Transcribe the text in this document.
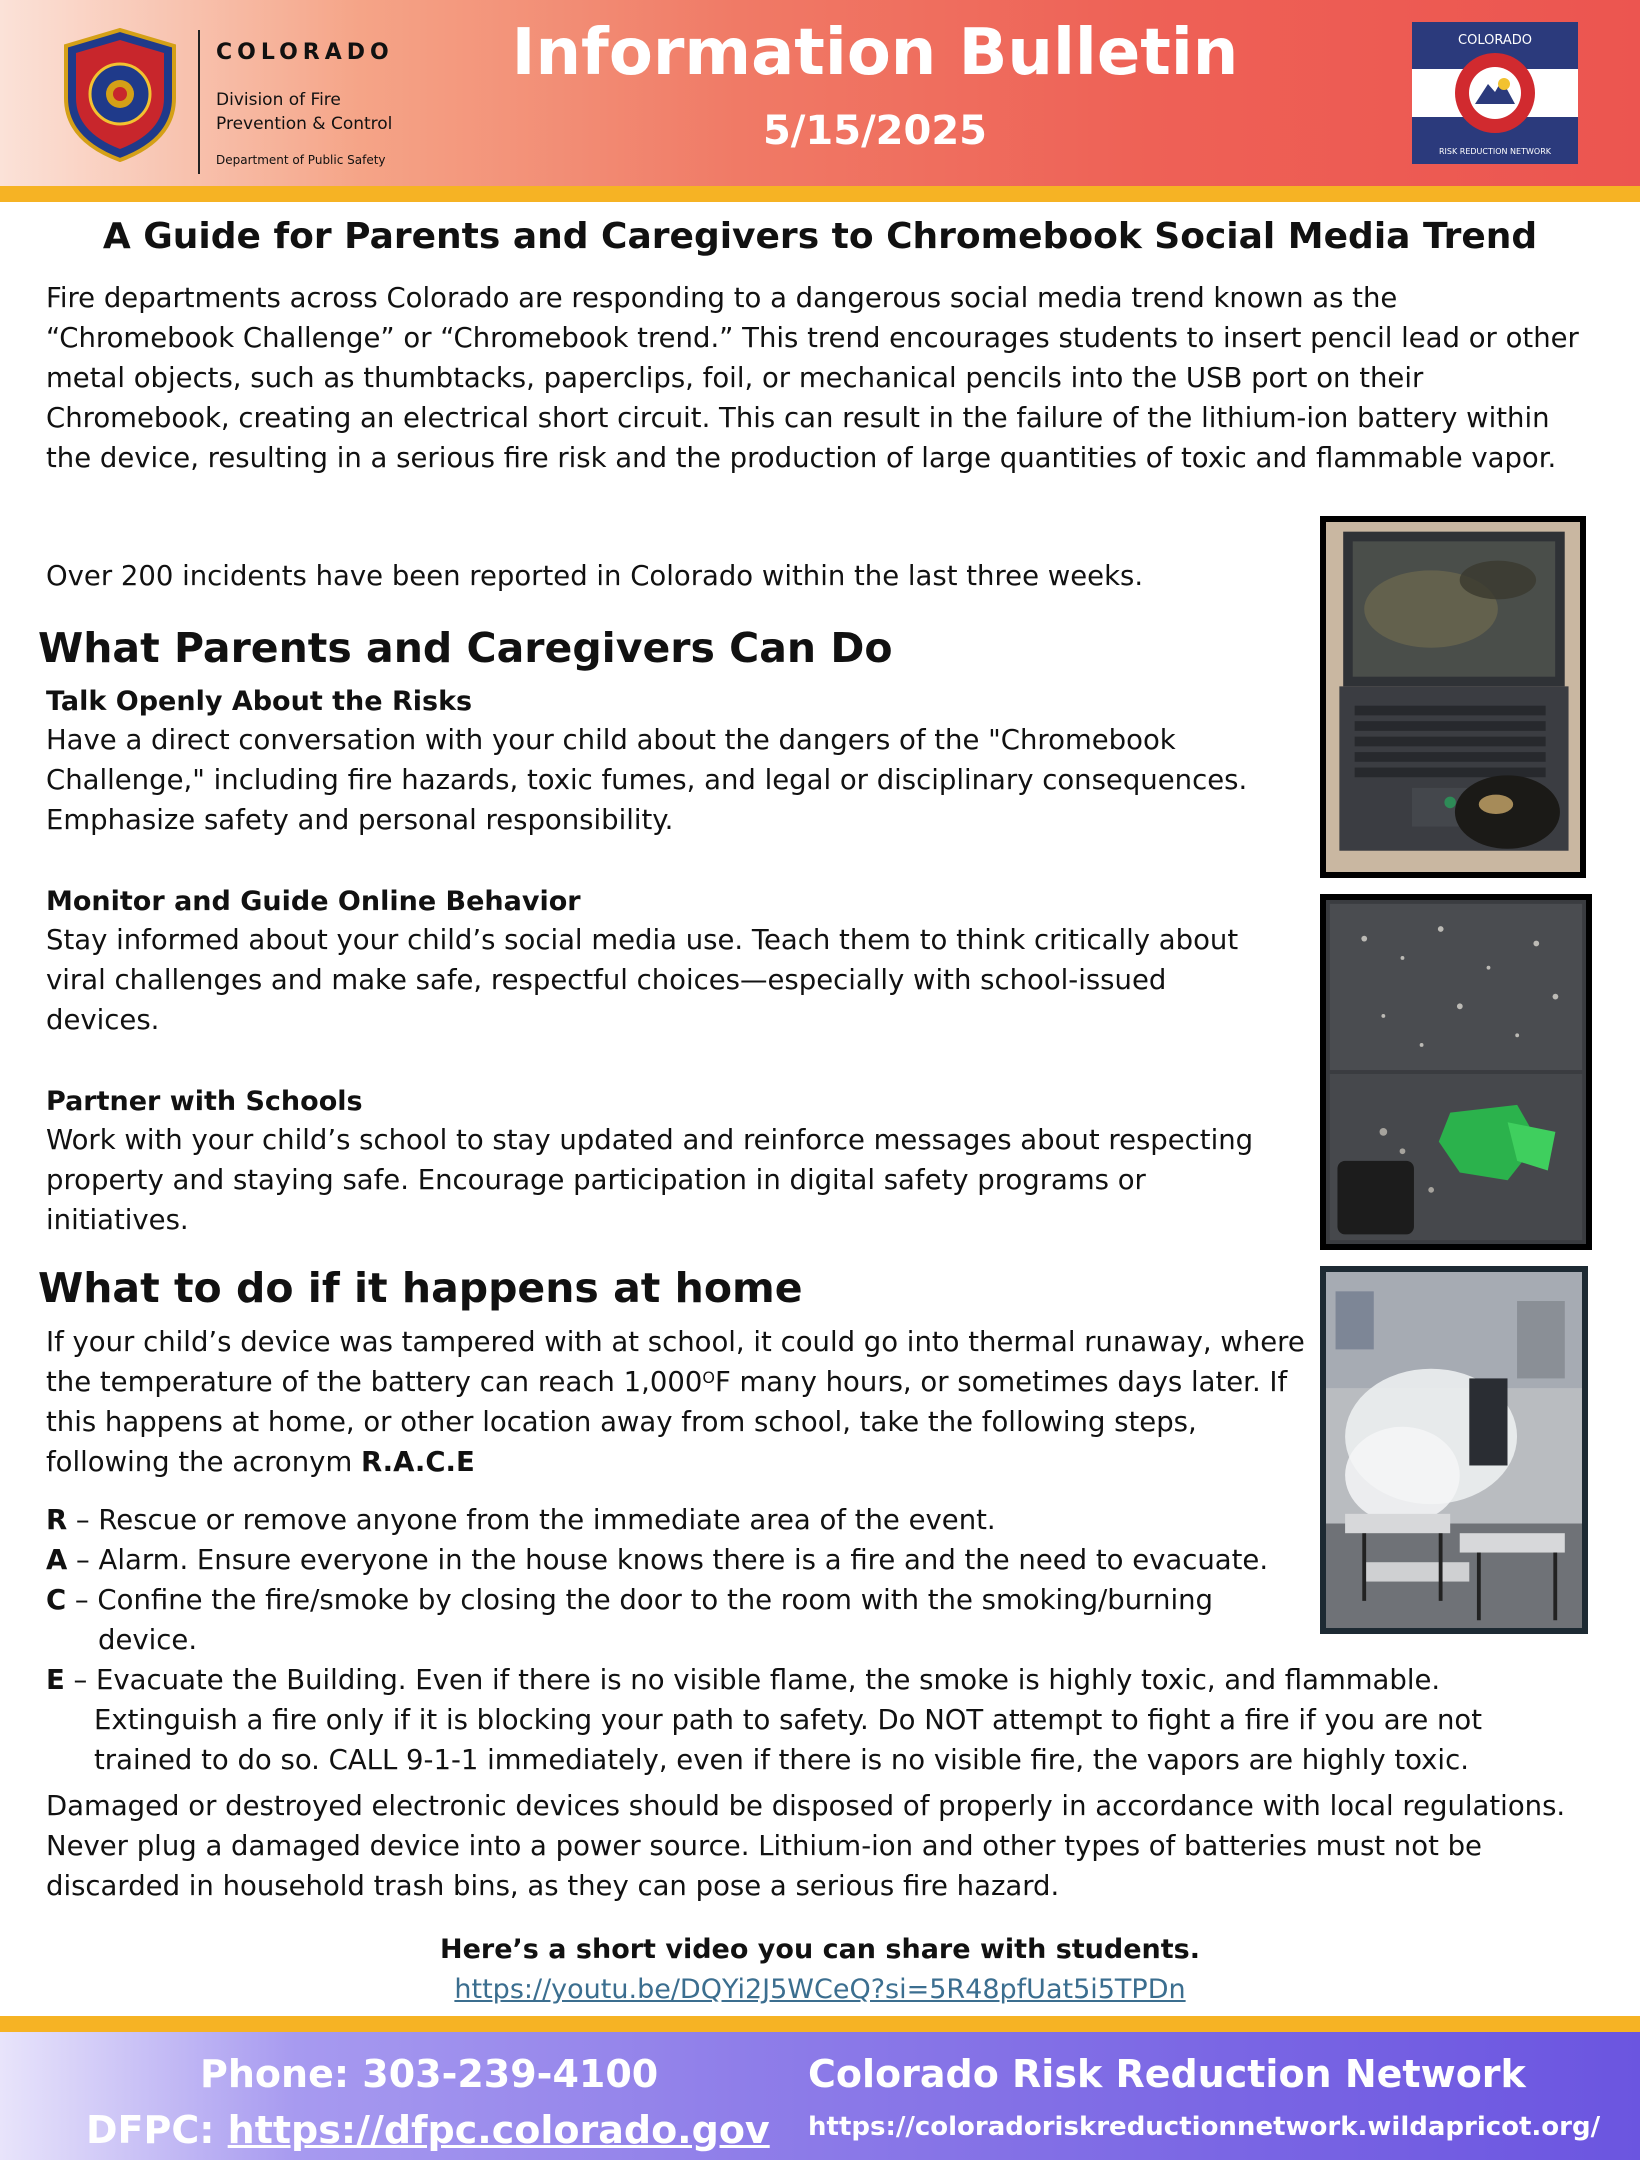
COLORADO
Division of Fire
Prevention & Control
Department of Public Safety
Information Bulletin
5/15/2025
COLORADO
RISK REDUCTION NETWORK
A Guide for Parents and Caregivers to Chromebook Social Media Trend
Fire departments across Colorado are responding to a dangerous social media trend known as the “Chromebook Challenge” or “Chromebook trend.” This trend encourages students to insert pencil lead or other metal objects, such as thumbtacks, paperclips, foil, or mechanical pencils into the USB port on their Chromebook, creating an electrical short circuit. This can result in the failure of the lithium-ion battery within the device, resulting in a serious fire risk and the production of large quantities of toxic and flammable vapor.
Over 200 incidents have been reported in Colorado within the last three weeks.
What Parents and Caregivers Can Do
Talk Openly About the Risks
Have a direct conversation with your child about the dangers of the "Chromebook Challenge," including fire hazards, toxic fumes, and legal or disciplinary consequences. Emphasize safety and personal responsibility.
Monitor and Guide Online Behavior
Stay informed about your child’s social media use. Teach them to think critically about viral challenges and make safe, respectful choices—especially with school-issued devices.
Partner with Schools
Work with your child’s school to stay updated and reinforce messages about respecting property and staying safe. Encourage participation in digital safety programs or initiatives.
What to do if it happens at home
If your child’s device was tampered with at school, it could go into thermal runaway, where the temperature of the battery can reach $1,000^OF$ many hours, or sometimes days later. If this happens at home, or other location away from school, take the following steps, following the acronym R.A.C.E
R – Rescue or remove anyone from the immediate area of the event.
A – Alarm. Ensure everyone in the house knows there is a fire and the need to evacuate.
C – Confine the fire/smoke by closing the door to the room with the smoking/burning device.
E – Evacuate the Building. Even if there is no visible flame, the smoke is highly toxic, and flammable. Extinguish a fire only if it is blocking your path to safety. Do NOT attempt to fight a fire if you are not trained to do so. CALL 9-1-1 immediately, even if there is no visible fire, the vapors are highly toxic.
Damaged or destroyed electronic devices should be disposed of properly in accordance with local regulations. Never plug a damaged device into a power source. Lithium-ion and other types of batteries must not be discarded in household trash bins, as they can pose a serious fire hazard.
Here’s a short video you can share with students.
https://youtu.be/DQYi2J5WCeQ?si=5R48pfUat5i5TPDn
Phone: 303-239-4100
DFPC: https://dfpc.colorado.gov
Colorado Risk Reduction Network
https://coloradoriskreductionnetwork.wildapricot.org/
